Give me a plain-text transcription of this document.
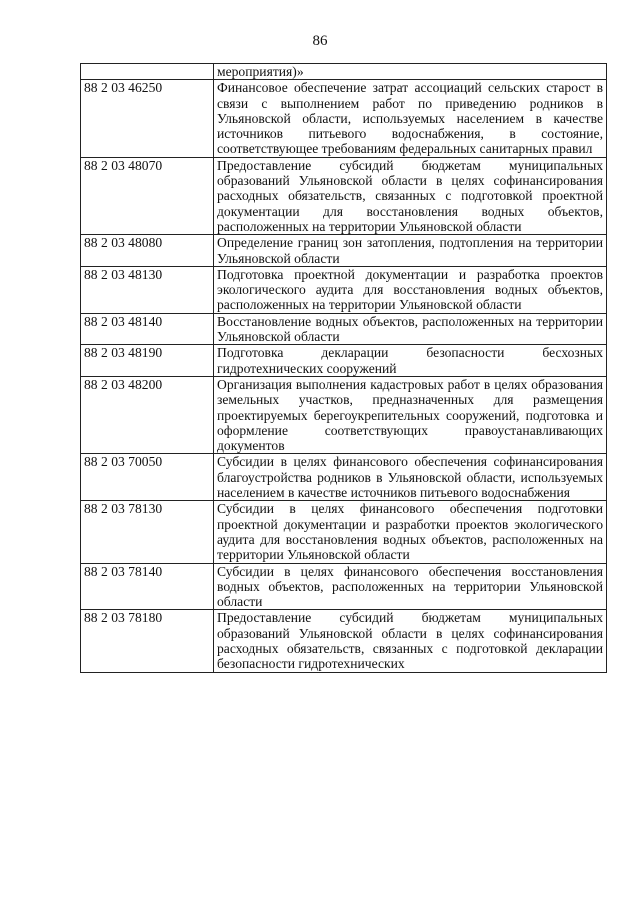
86
	мероприятия)»
88 2 03 46250	Финансовое обеспечение затрат ассоциаций сельских старост в связи с выполнением работ по приведению родников в Ульяновской области, используемых населением в качестве источников питьевого водоснабжения, в состояние, соответствующее требованиям федеральных санитарных правил
88 2 03 48070	Предоставление субсидий бюджетам муниципальных образований Ульяновской области в целях софинансирования расходных обязательств, связанных с подготовкой проектной документации для восстановления водных объектов, расположенных на территории Ульяновской области
88 2 03 48080	Определение границ зон затопления, подтопления на территории Ульяновской области
88 2 03 48130	Подготовка проектной документации и разработка проектов экологического аудита для восстановления водных объектов, расположенных на территории Ульяновской области
88 2 03 48140	Восстановление водных объектов, расположенных на территории Ульяновской области
88 2 03 48190	Подготовка декларации безопасности бесхозных гидротехнических сооружений
88 2 03 48200	Организация выполнения кадастровых работ в целях образования земельных участков, предназначенных для размещения проектируемых берегоукрепительных сооружений, подготовка и оформление соответствующих правоустанавливающих документов
88 2 03 70050	Субсидии в целях финансового обеспечения софинансирования благоустройства родников в Ульяновской области, используемых населением в качестве источников питьевого водоснабжения
88 2 03 78130	Субсидии в целях финансового обеспечения подготовки проектной документации и разработки проектов экологического аудита для восстановления водных объектов, расположенных на территории Ульяновской области
88 2 03 78140	Субсидии в целях финансового обеспечения восстановления водных объектов, расположенных на территории Ульяновской области
88 2 03 78180	Предоставление субсидий бюджетам муниципальных образований Ульяновской области в целях софинансирования расходных обязательств, связанных с подготовкой декларации безопасности гидротехнических
